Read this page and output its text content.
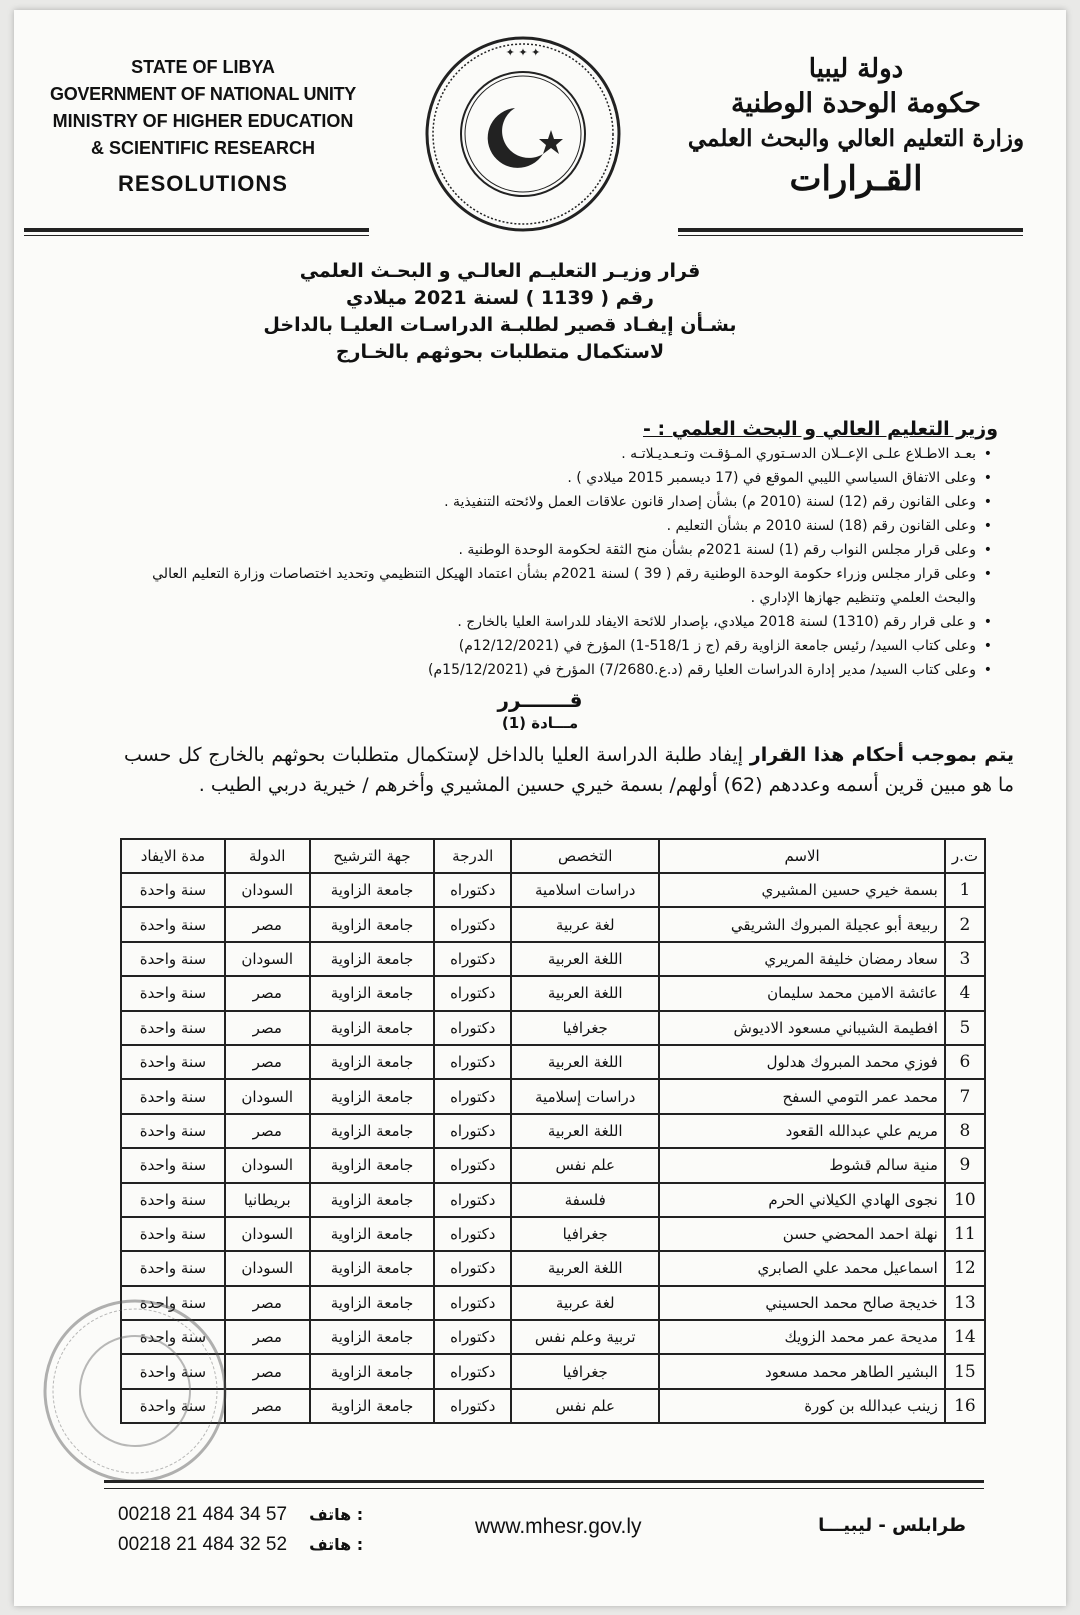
STATE OF LIBYA
GOVERNMENT OF NATIONAL UNITY
MINISTRY OF HIGHER EDUCATION
& SCIENTIFIC RESEARCH
RESOLUTIONS
✦ ✦ ✦
دولة ليبيا
حكومة الوحدة الوطنية
وزارة التعليم العالي والبحث العلمي
القـرارات
قرار وزيـر التعليـم العالـي و البحـث العلمي
رقم ( 1139 ) لسنة 2021 ميلادي
بشـأن إيفـاد قصير لطلبـة الدراسـات العليـا بالداخل
لاستكمال متطلبات بحوثهم بالخـارج
وزير التعليم العالي و البحث العلمي : -
• بعـد الاطـلاع علـى الإعــلان الدسـتوري المـؤقـت وتـعـديـلاتـه .
• وعلى الاتفاق السياسي الليبي الموقع في (17 ديسمبر 2015 ميلادي ) .
• وعلى القانون رقم (12) لسنة (2010 م) بشأن إصدار قانون علاقات العمل ولائحته التنفيذية .
• وعلى القانون رقم (18) لسنة 2010 م بشأن التعليم .
• وعلى قرار مجلس النواب رقم (1) لسنة 2021م بشأن منح الثقة لحكومة الوحدة الوطنية .
• وعلى قرار مجلس وزراء حكومة الوحدة الوطنية رقم ( 39 ) لسنة 2021م بشأن اعتماد الهيكل التنظيمي وتحديد اختصاصات وزارة التعليم العالي والبحث العلمي وتنظيم جهازها الإداري .
• و على قرار رقم (1310) لسنة 2018 ميلادي، بإصدار للائحة الايفاد للدراسة العليا بالخارج .
• وعلى كتاب السيد/ رئيس جامعة الزاوية رقم (ج ز 518/1-1) المؤرخ في (12/12/2021م)
• وعلى كتاب السيد/ مدير إدارة الدراسات العليا رقم (د.ع.7/2680) المؤرخ في (15/12/2021م)
قـــــــرر
مـــادة (1)
يتم بموجب أحكام هذا القرار إيفاد طلبة الدراسة العليا بالداخل لإستكمال متطلبات بحوثهم بالخارج كل حسب ما هو مبين قرين أسمه وعددهم (62) أولهم/ بسمة خيري حسين المشيري وأخرهم / خيرية دربي الطيب .
ت.ر	الاسم	التخصص	الدرجة	جهة الترشيح	الدولة	مدة الايفاد
1	بسمة خيري حسين المشيري	دراسات اسلامية	دكتوراه	جامعة الزاوية	السودان	سنة واحدة
2	ربيعة أبو عجيلة المبروك الشريقي	لغة عربية	دكتوراه	جامعة الزاوية	مصر	سنة واحدة
3	سعاد رمضان خليفة المريري	اللغة العربية	دكتوراه	جامعة الزاوية	السودان	سنة واحدة
4	عائشة الامين محمد سليمان	اللغة العربية	دكتوراه	جامعة الزاوية	مصر	سنة واحدة
5	افطيمة الشيباني مسعود الاديوش	جغرافيا	دكتوراه	جامعة الزاوية	مصر	سنة واحدة
6	فوزي محمد المبروك هدلول	اللغة العربية	دكتوراه	جامعة الزاوية	مصر	سنة واحدة
7	محمد عمر التومي السفح	دراسات إسلامية	دكتوراه	جامعة الزاوية	السودان	سنة واحدة
8	مريم علي عبدالله القعود	اللغة العربية	دكتوراه	جامعة الزاوية	مصر	سنة واحدة
9	منية سالم قشوط	علم نفس	دكتوراه	جامعة الزاوية	السودان	سنة واحدة
10	نجوى الهادي الكيلاني الحرم	فلسفة	دكتوراه	جامعة الزاوية	بريطانيا	سنة واحدة
11	نهلة احمد المحضي حسن	جغرافيا	دكتوراه	جامعة الزاوية	السودان	سنة واحدة
12	اسماعيل محمد علي الصابري	اللغة العربية	دكتوراه	جامعة الزاوية	السودان	سنة واحدة
13	خديجة صالح محمد الحسيني	لغة عربية	دكتوراه	جامعة الزاوية	مصر	سنة واحدة
14	مديحة عمر محمد الزويك	تربية وعلم نفس	دكتوراه	جامعة الزاوية	مصر	سنة واحدة
15	البشير الطاهر محمد مسعود	جغرافيا	دكتوراه	جامعة الزاوية	مصر	سنة واحدة
16	زينب عبدالله بن كورة	علم نفس	دكتوراه	جامعة الزاوية	مصر	سنة واحدة
00218 21 484 34 57 هاتف :
00218 21 484 32 52 هاتف :
www.mhesr.gov.ly	طرابلس - ليبيـــا
